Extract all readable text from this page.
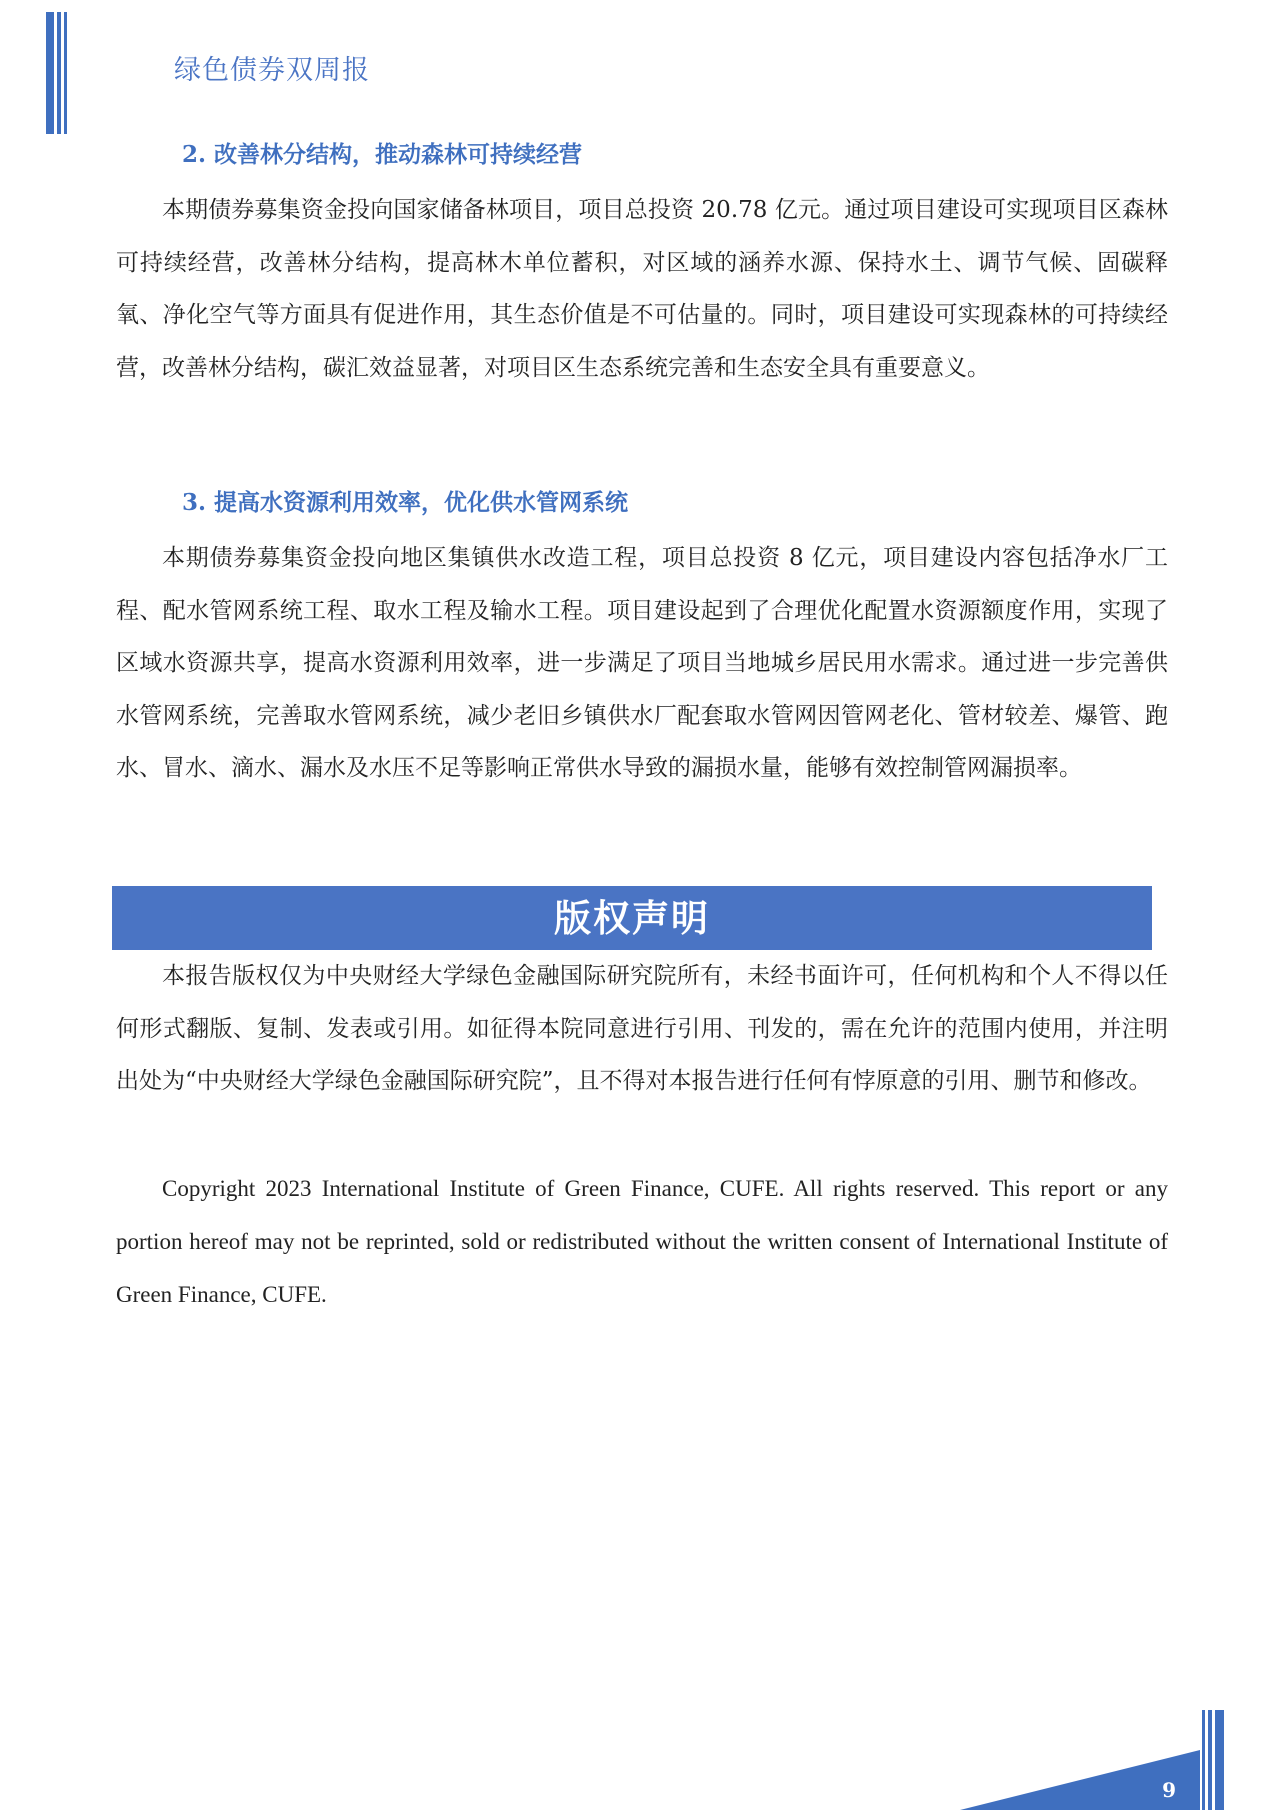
绿色债券双周报
2. 改善林分结构，推动森林可持续经营
本期债券募集资金投向国家储备林项目，项目总投资 20.78 亿元。通过项目建设可实现项目区森林可持续经营，改善林分结构，提高林木单位蓄积，对区域的涵养水源、保持水土、调节气候、固碳释氧、净化空气等方面具有促进作用，其生态价值是不可估量的。同时，项目建设可实现森林的可持续经营，改善林分结构，碳汇效益显著，对项目区生态系统完善和生态安全具有重要意义。
3. 提高水资源利用效率，优化供水管网系统
本期债券募集资金投向地区集镇供水改造工程，项目总投资 8 亿元，项目建设内容包括净水厂工程、配水管网系统工程、取水工程及输水工程。项目建设起到了合理优化配置水资源额度作用，实现了区域水资源共享，提高水资源利用效率，进一步满足了项目当地城乡居民用水需求。通过进一步完善供水管网系统，完善取水管网系统，减少老旧乡镇供水厂配套取水管网因管网老化、管材较差、爆管、跑水、冒水、滴水、漏水及水压不足等影响正常供水导致的漏损水量，能够有效控制管网漏损率。
版权声明
本报告版权仅为中央财经大学绿色金融国际研究院所有，未经书面许可，任何机构和个人不得以任何形式翻版、复制、发表或引用。如征得本院同意进行引用、刊发的，需在允许的范围内使用，并注明出处为“中央财经大学绿色金融国际研究院”，且不得对本报告进行任何有悖原意的引用、删节和修改。
Copyright 2023 International Institute of Green Finance, CUFE. All rights reserved. This report or any portion hereof may not be reprinted, sold or redistributed without the written consent of International Institute of Green Finance, CUFE.
9
